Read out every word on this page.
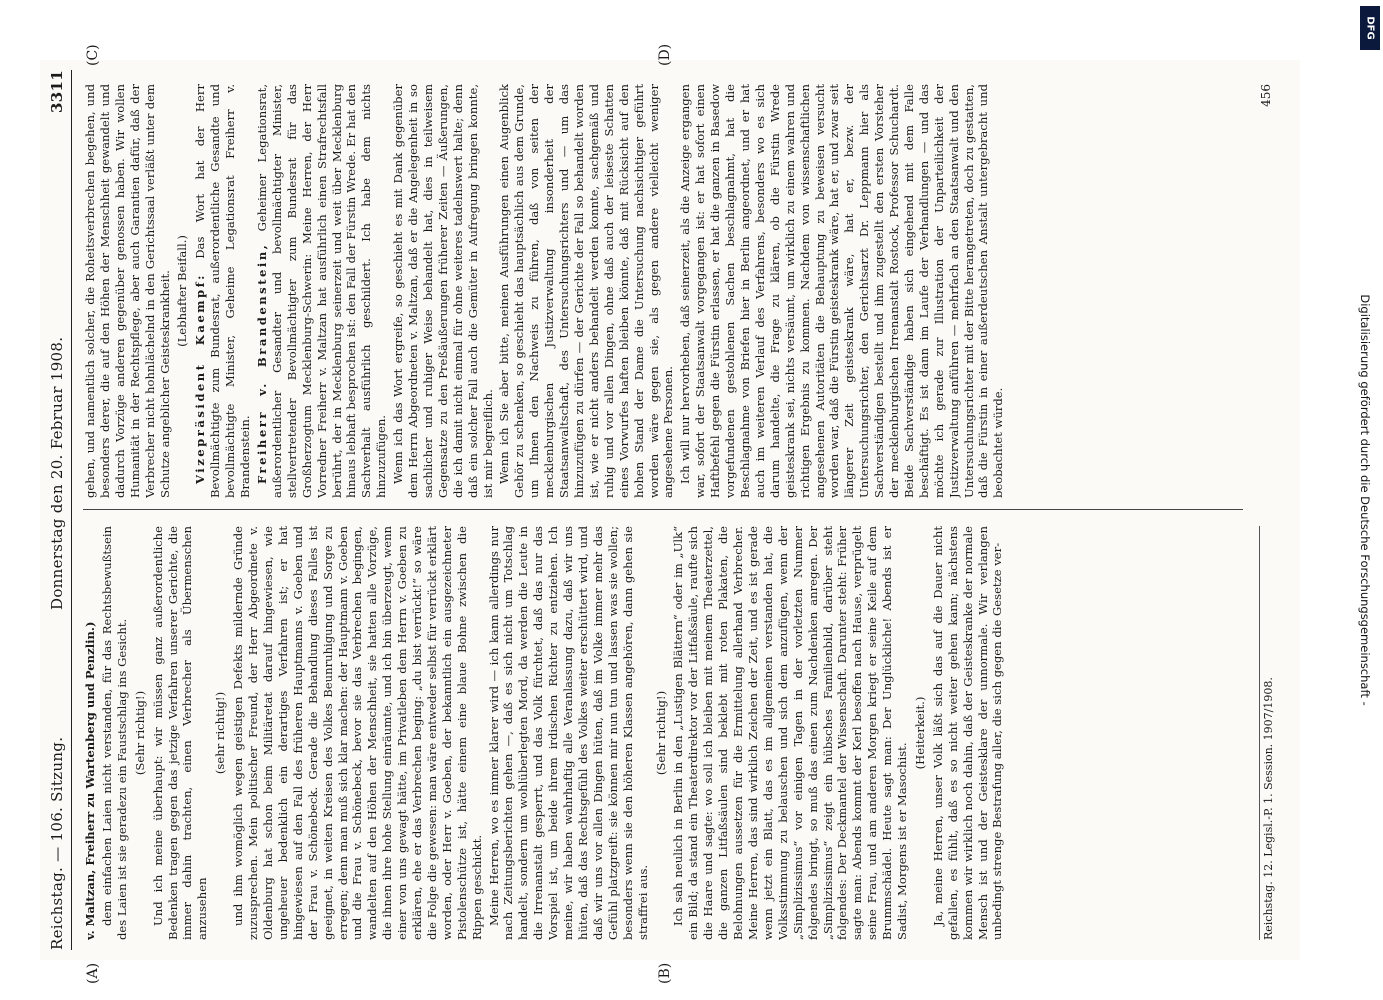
Reichstag. — 106. Sitzung.
Donnerstag den 20. Februar 1908.
3311
(A)	(B)
(C)	(D)

v. Maltzan, Freiherr zu Wartenberg und Penzlin.) dem einfachen Laien nicht verstanden, für das Rechtsbewußtsein des Laien ist sie geradezu ein Faustschlag ins Gesicht. (Sehr richtig!) Und ich meine überhaupt: wir müssen ganz außerordentliche Bedenken tragen gegen das jetzige Verfahren unserer Gerichte, die immer dahin trachten, einen Verbrecher als Übermenschen anzusehen

(sehr richtig!) und ihm womöglich wegen geistigen Defekts mildernde Gründe zuzusprechen. Mein politischer Freund, der Herr Abgeordnete v. Oldenburg hat schon beim Militäretat darauf hingewiesen, wie ungeheuer bedenklich ein derartiges Verfahren ist; er hat hingewiesen auf den Fall des früheren Hauptmanns v. Goeben und der Frau v. Schönebeck. Gerade die Behandlung dieses Falles ist geeignet, in weiten Kreisen des Volkes Beunruhigung und Sorge zu erregen; denn man muß sich klar machen: der Hauptmann v. Goeben und die Frau v. Schönebeck, bevor sie das Verbrechen begingen, wandelten auf den Höhen der Menschheit, sie hatten alle Vorzüge, die ihnen ihre hohe Stellung einräumte, und ich bin überzeugt, wenn einer von uns gewagt hätte, im Privatleben dem Herrn v. Goeben zu erklären, ehe er das Verbrechen beging: „du bist verrückt!“ so wäre die Folge die gewesen: man wäre entweder selbst für verrückt erklärt worden, oder Herr v. Goeben, der bekanntlich ein ausgezeichneter Pistolenschütze ist, hätte einem eine blaue Bohne zwischen die Rippen geschickt. Meine Herren, wo es immer klarer wird — ich kann allerdings nur nach Zeitungsberichten gehen —, daß es sich nicht um Totschlag handelt, sondern um wohlüberlegten Mord, da werden die Leute in die Irrenanstalt gesperrt, und das Volk fürchtet, daß das nur das Vorspiel ist, um beide ihrem irdischen Richter zu entziehen. Ich meine, wir haben wahrhaftig alle Veranlassung dazu, daß wir uns hüten, daß das Rechtsgefühl des Volkes weiter erschüttert wird, und daß wir uns vor allen Dingen hüten, daß im Volke immer mehr das Gefühl platzgreift: sie können mir nun tun und lassen was sie wollen; besonders wenn sie den höheren Klassen angehören, dann gehen sie straffrei aus.

(Sehr richtig!) Ich sah neulich in Berlin in den „Lustigen Blättern“ oder im „Ulk“ ein Bild; da stand ein Theaterdirektor vor der Litfaßsäule, raufte sich die Haare und sagte: wo soll ich bleiben mit meinem Theaterzettel, die ganzen Litfaßsäulen sind beklebt mit roten Plakaten, die Belohnungen aussetzen für die Ermittelung allerhand Verbrecher. Meine Herren, das sind wirklich Zeichen der Zeit, und es ist gerade wenn jetzt ein Blatt, das es im allgemeinen verstanden hat, die Volksstimmung zu belauschen und sich dem anzufügen, wenn der „Simplizissimus“ vor einigen Tagen in der vorletzten Nummer folgendes bringt, so muß das einen zum Nachdenken anregen. Der „Simplizissimus“ zeigt ein hübsches Familienbild, darüber steht folgendes: Der Deckmantel der Wissenschaft. Darunter steht: Früher sagte man: Abends kommt der Kerl besoffen nach Hause, verprügelt seine Frau, und am anderen Morgen kriegt er seine Keile auf dem Brummschädel. Heute sagt man: Der Unglückliche! Abends ist er Sadist, Morgens ist er Masochist.

(Heiterkeit.) Ja, meine Herren, unser Volk läßt sich das auf die Dauer nicht gefallen, es fühlt, daß es so nicht weiter gehen kann; nächstens kommen wir wirklich noch dahin, daß der Geisteskranke der normale Mensch ist und der Geistesklare der unnormale. Wir verlangen unbedingt strenge Bestrafung aller, die sich gegen die Gesetze ver-

gehen, und namentlich solcher, die Roheitsverbrechen begehen, und besonders derer, die auf den Höhen der Menschheit gewandelt und dadurch Vorzüge anderen gegenüber genossen haben. Wir wollen Humanität in der Rechtspflege, aber auch Garantien dafür, daß der Verbrecher nicht hohnlächelnd in den Gerichtssaal verläßt unter dem Schutze angeblicher Geisteskrankheit. (Lebhafter Beifall.) Vizepräsident Kaempf: Das Wort hat der Herr Bevollmächtigte zum Bundesrat, außerordentliche Gesandte und bevollmächtigte Minister, Geheime Legationsrat Freiherr v. Brandenstein. Freiherr v. Brandenstein, Geheimer Legationsrat, außerordentlicher Gesandter und bevollmächtigter Minister, stellvertretender Bevollmächtigter zum Bundesrat für das Großherzogtum Mecklenburg-Schwerin: Meine Herren, der Herr Vorredner Freiherr v. Maltzan hat ausführlich einen Strafrechtsfall berührt, der in Mecklenburg seinerzeit und weit über Mecklenburg hinaus lebhaft besprochen ist: den Fall der Fürstin Wrede. Er hat den Sachverhalt ausführlich geschildert. Ich habe dem nichts hinzuzufügen. Wenn ich das Wort ergreife, so geschieht es mit Dank gegenüber dem Herrn Abgeordneten v. Maltzan, daß er die Angelegenheit in so sachlicher und ruhiger Weise behandelt hat, dies in teilweisem Gegensatze zu den Preßäußerungen früherer Zeiten — Äußerungen, die ich damit nicht einmal für ohne weiteres tadelnswert halte; denn daß ein solcher Fall auch die Gemüter in Aufregung bringen konnte, ist mir begreiflich. Wenn ich Sie aber bitte, meinen Ausführungen einen Augenblick Gehör zu schenken, so geschieht das hauptsächlich aus dem Grunde, um Ihnen den Nachweis zu führen, daß von seiten der mecklenburgischen Justizverwaltung insonderheit der Staatsanwaltschaft, des Untersuchungsrichters und — um das hinzuzufügen zu dürfen — der Gerichte der Fall so behandelt worden ist, wie er nicht anders behandelt werden konnte, sachgemäß und ruhig und vor allen Dingen, ohne daß auch der leiseste Schatten eines Vorwurfes haften bleiben könnte, daß mit Rücksicht auf den hohen Stand der Dame die Untersuchung nachsichtiger geführt worden wäre gegen sie, als gegen andere vielleicht weniger angesehene Personen. Ich will nur hervorheben, daß seinerzeit, als die Anzeige ergangen war, sofort der Staatsanwalt vorgegangen ist: er hat sofort einen Haftbefehl gegen die Fürstin erlassen, er hat die ganzen in Basedow vorgefundenen gestohlenen Sachen beschlagnahmt, hat die Beschlagnahme von Briefen hier in Berlin angeordnet, und er hat auch im weiteren Verlauf des Verfahrens, besonders wo es sich darum handelte, die Frage zu klären, ob die Fürstin Wrede geisteskrank sei, nichts versäumt, um wirklich zu einem wahren und richtigen Ergebnis zu kommen. Nachdem von wissenschaftlichen angesehenen Autoritäten die Behauptung zu beweisen versucht worden war, daß die Fürstin geisteskrank wäre, hat er, und zwar seit längerer Zeit geisteskrank wäre, hat er, bezw. der Untersuchungsrichter, den Gerichtsarzt Dr. Leppmann hier als Sachverständigen bestellt und ihm zugestellt den ersten Vorsteher der mecklenburgischen Irrenanstalt Rostock, Professor Schuchardt. Beide Sachverständige haben sich eingehend mit dem Falle beschäftigt. Es ist dann im Laufe der Verhandlungen — und das möchte ich gerade zur Illustration der Unparteilichkeit der Justizverwaltung anführen — mehrfach an den Staatsanwalt und den Untersuchungsrichter mit der Bitte herangetreten, doch zu gestatten, daß die Fürstin in einer außerdeutschen Anstalt untergebracht und beobachtet würde.

Reichstag. 12. Legisl.-P. 1. Session. 1907/1908.
456
DFG
Digitalisierung gefördert durch die Deutsche Forschungsgemeinschaft -
